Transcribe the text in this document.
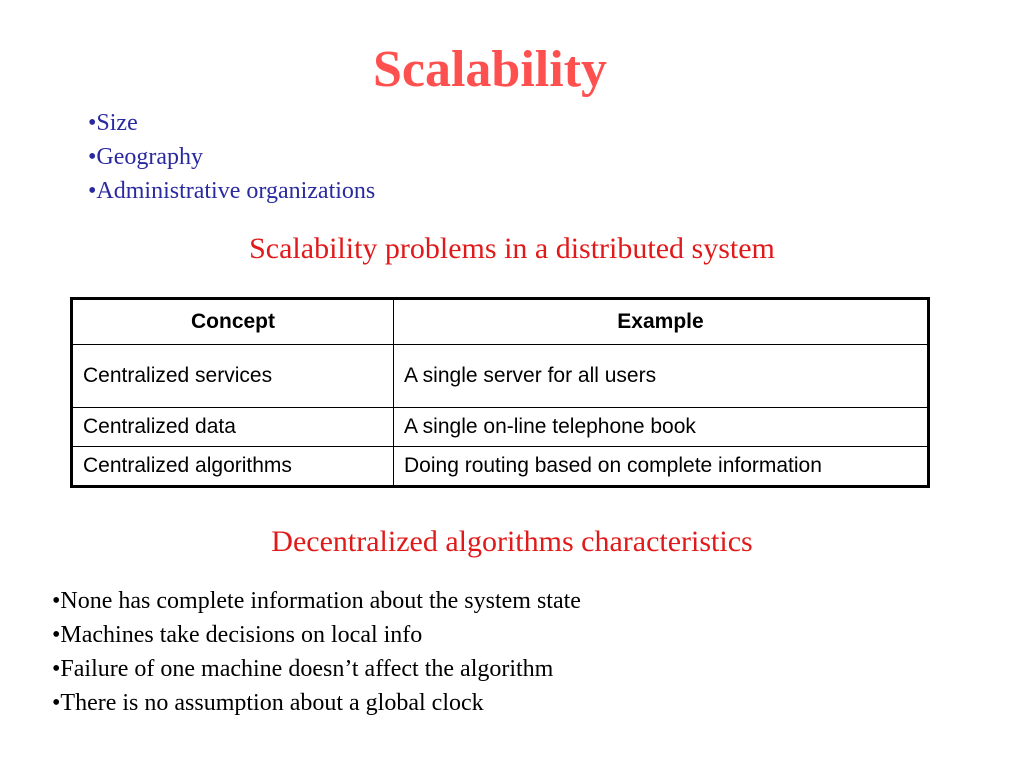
Scalability
•Size
•Geography
•Administrative organizations
Scalability problems in a distributed system
Concept	Example
Centralized services	A single server for all users
Centralized data	A single on-line telephone book
Centralized algorithms	Doing routing based on complete information
Decentralized algorithms characteristics
•None has complete information about the system state
•Machines take decisions on local info
•Failure of one machine doesn’t affect the algorithm
•There is no assumption about a global clock
